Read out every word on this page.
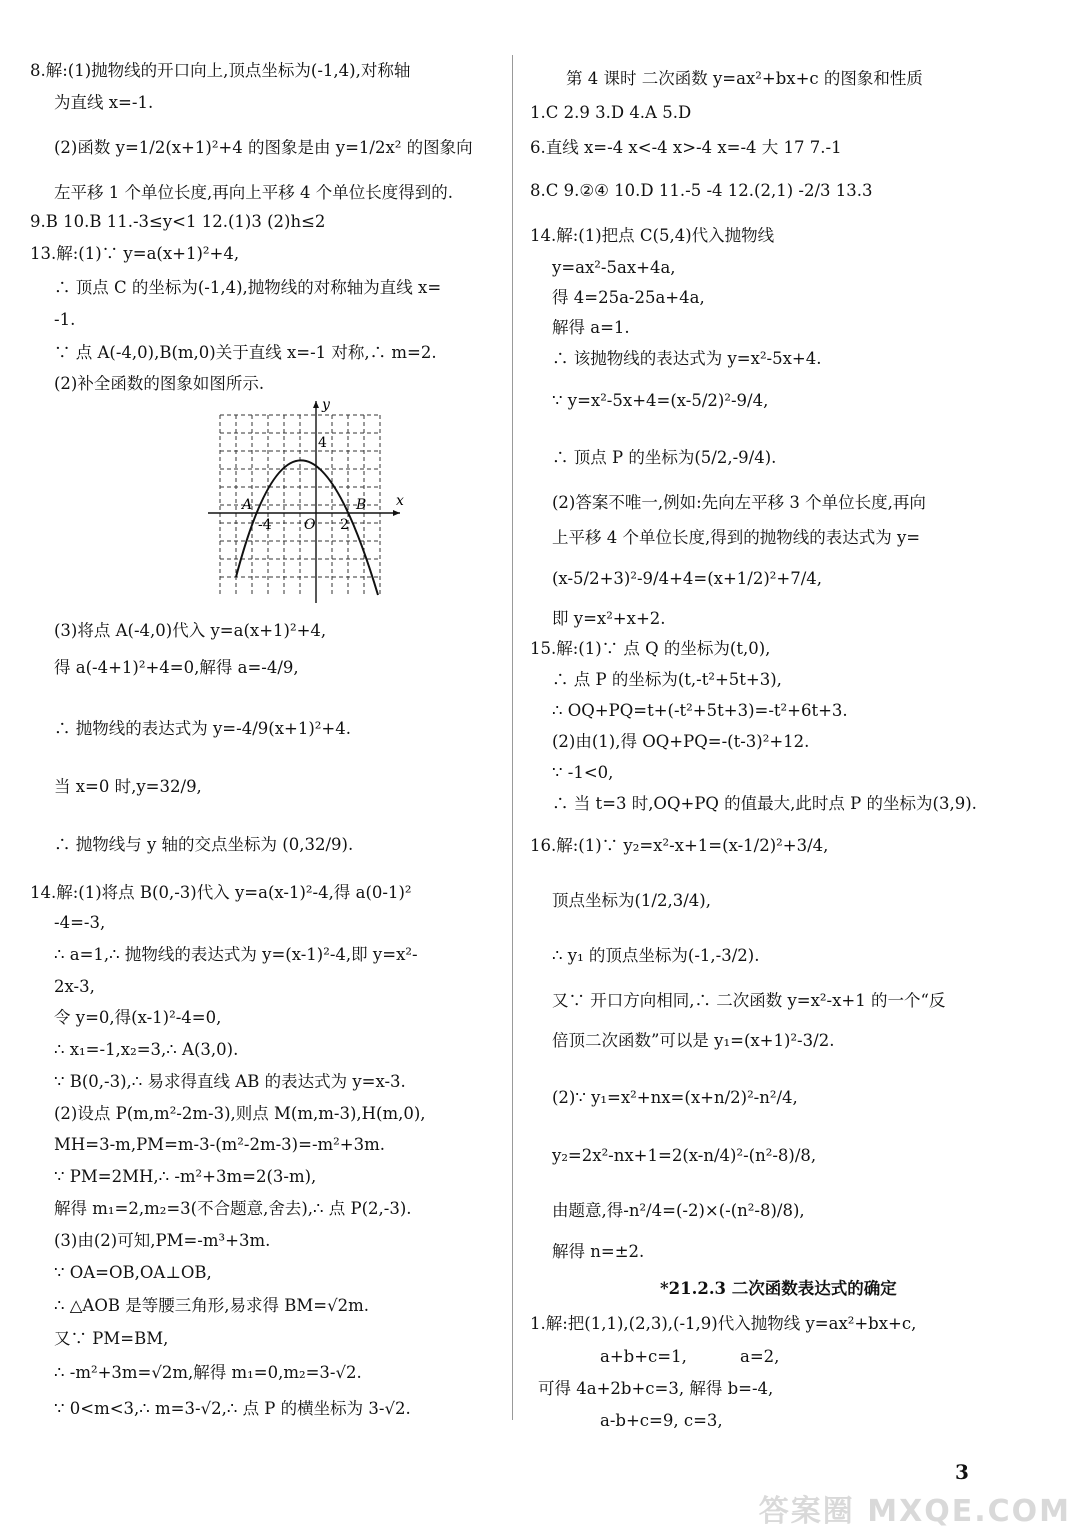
y
x
4
A	B
-4 O 2
8.解:(1)抛物线的开口向上,顶点坐标为(-1,4),对称轴
为直线 x=-1.
(2)函数 y=1/2(x+1)²+4 的图象是由 y=1/2x² 的图象向
左平移 1 个单位长度,再向上平移 4 个单位长度得到的.
9.B 10.B 11.-3≤y<1 12.(1)3 (2)h≤2
13.解:(1)∵ y=a(x+1)²+4,
∴ 顶点 C 的坐标为(-1,4),抛物线的对称轴为直线 x=
-1.
∵ 点 A(-4,0),B(m,0)关于直线 x=-1 对称,∴ m=2.
(2)补全函数的图象如图所示.
(3)将点 A(-4,0)代入 y=a(x+1)²+4,
得 a(-4+1)²+4=0,解得 a=-4/9,
∴ 抛物线的表达式为 y=-4/9(x+1)²+4.
当 x=0 时,y=32/9,
∴ 抛物线与 y 轴的交点坐标为 (0,32/9).
14.解:(1)将点 B(0,-3)代入 y=a(x-1)²-4,得 a(0-1)²
-4=-3,
∴ a=1,∴ 抛物线的表达式为 y=(x-1)²-4,即 y=x²-
2x-3,
令 y=0,得(x-1)²-4=0,
∴ x₁=-1,x₂=3,∴ A(3,0).
∵ B(0,-3),∴ 易求得直线 AB 的表达式为 y=x-3.
(2)设点 P(m,m²-2m-3),则点 M(m,m-3),H(m,0),
MH=3-m,PM=m-3-(m²-2m-3)=-m²+3m.
∵ PM=2MH,∴ -m²+3m=2(3-m),
解得 m₁=2,m₂=3(不合题意,舍去),∴ 点 P(2,-3).
(3)由(2)可知,PM=-m³+3m.
∵ OA=OB,OA⊥OB,
∴ △AOB 是等腰三角形,易求得 BM=√2m.
又∵ PM=BM,
∴ -m²+3m=√2m,解得 m₁=0,m₂=3-√2.
∵ 0<m<3,∴ m=3-√2,∴ 点 P 的横坐标为 3-√2.
第 4 课时 二次函数 y=ax²+bx+c 的图象和性质
1.C 2.9 3.D 4.A 5.D
6.直线 x=-4 x<-4 x>-4 x=-4 大 17 7.-1
8.C 9.②④ 10.D 11.-5 -4 12.(2,1) -2/3 13.3
14.解:(1)把点 C(5,4)代入抛物线
y=ax²-5ax+4a,
得 4=25a-25a+4a,
解得 a=1.
∴ 该抛物线的表达式为 y=x²-5x+4.
∵ y=x²-5x+4=(x-5/2)²-9/4,
∴ 顶点 P 的坐标为(5/2,-9/4).
(2)答案不唯一,例如:先向左平移 3 个单位长度,再向
上平移 4 个单位长度,得到的抛物线的表达式为 y=
(x-5/2+3)²-9/4+4=(x+1/2)²+7/4,
即 y=x²+x+2.
15.解:(1)∵ 点 Q 的坐标为(t,0),
∴ 点 P 的坐标为(t,-t²+5t+3),
∴ OQ+PQ=t+(-t²+5t+3)=-t²+6t+3.
(2)由(1),得 OQ+PQ=-(t-3)²+12.
∵ -1<0,
∴ 当 t=3 时,OQ+PQ 的值最大,此时点 P 的坐标为(3,9).
16.解:(1)∵ y₂=x²-x+1=(x-1/2)²+3/4,
顶点坐标为(1/2,3/4),
∴ y₁ 的顶点坐标为(-1,-3/2).
又∵ 开口方向相同,∴ 二次函数 y=x²-x+1 的一个“反
倍顶二次函数”可以是 y₁=(x+1)²-3/2.
(2)∵ y₁=x²+nx=(x+n/2)²-n²/4,
y₂=2x²-nx+1=2(x-n/4)²-(n²-8)/8,
由题意,得-n²/4=(-2)×(-(n²-8)/8),
解得 n=±2.
*21.2.3 二次函数表达式的确定
1.解:把(1,1),(2,3),(-1,9)代入抛物线 y=ax²+bx+c,
a+b+c=1,
可得 4a+2b+c=3, 解得 b=-4,
a-b+c=9, c=3,
a=2,
3
答案圈 MXQE.COM
